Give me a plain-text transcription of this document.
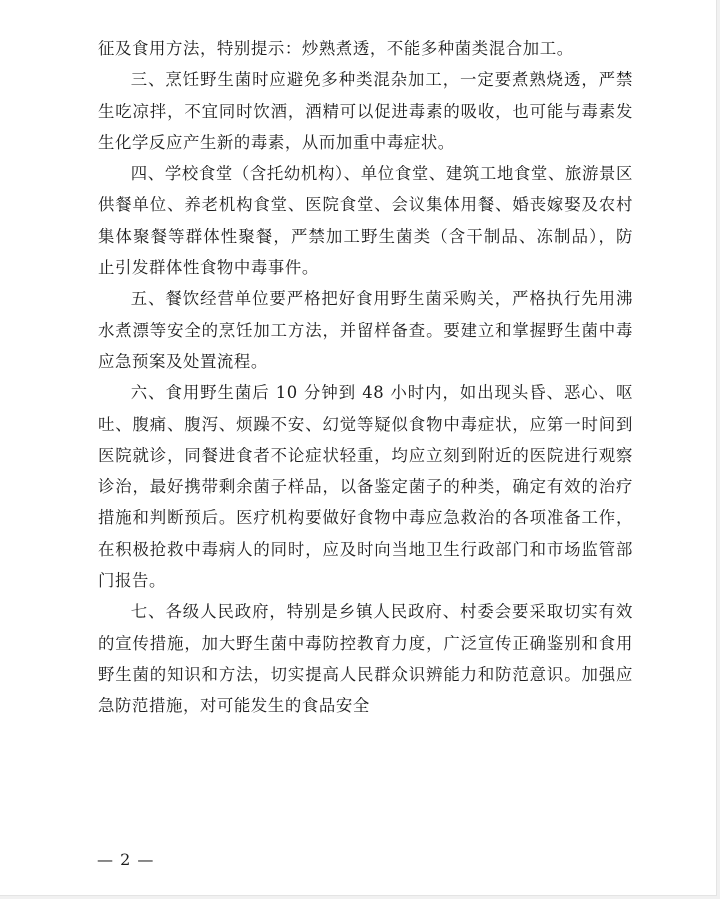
征及食用方法，特别提示：炒熟煮透，不能多种菌类混合加工。

三、烹饪野生菌时应避免多种类混杂加工，一定要煮熟烧透，严禁生吃凉拌，不宜同时饮酒，酒精可以促进毒素的吸收，也可能与毒素发生化学反应产生新的毒素，从而加重中毒症状。

四、学校食堂（含托幼机构）、单位食堂、建筑工地食堂、旅游景区供餐单位、养老机构食堂、医院食堂、会议集体用餐、婚丧嫁娶及农村集体聚餐等群体性聚餐，严禁加工野生菌类（含干制品、冻制品），防止引发群体性食物中毒事件。

五、餐饮经营单位要严格把好食用野生菌采购关，严格执行先用沸水煮漂等安全的烹饪加工方法，并留样备查。要建立和掌握野生菌中毒应急预案及处置流程。

六、食用野生菌后 10 分钟到 48 小时内，如出现头昏、恶心、呕吐、腹痛、腹泻、烦躁不安、幻觉等疑似食物中毒症状，应第一时间到医院就诊，同餐进食者不论症状轻重，均应立刻到附近的医院进行观察诊治，最好携带剩余菌子样品，以备鉴定菌子的种类，确定有效的治疗措施和判断预后。医疗机构要做好食物中毒应急救治的各项准备工作，在积极抢救中毒病人的同时，应及时向当地卫生行政部门和市场监管部门报告。

七、各级人民政府，特别是乡镇人民政府、村委会要采取切实有效的宣传措施，加大野生菌中毒防控教育力度，广泛宣传正确鉴别和食用野生菌的知识和方法，切实提高人民群众识辨能力和防范意识。加强应急防范措施，对可能发生的食品安全

— 2 —
